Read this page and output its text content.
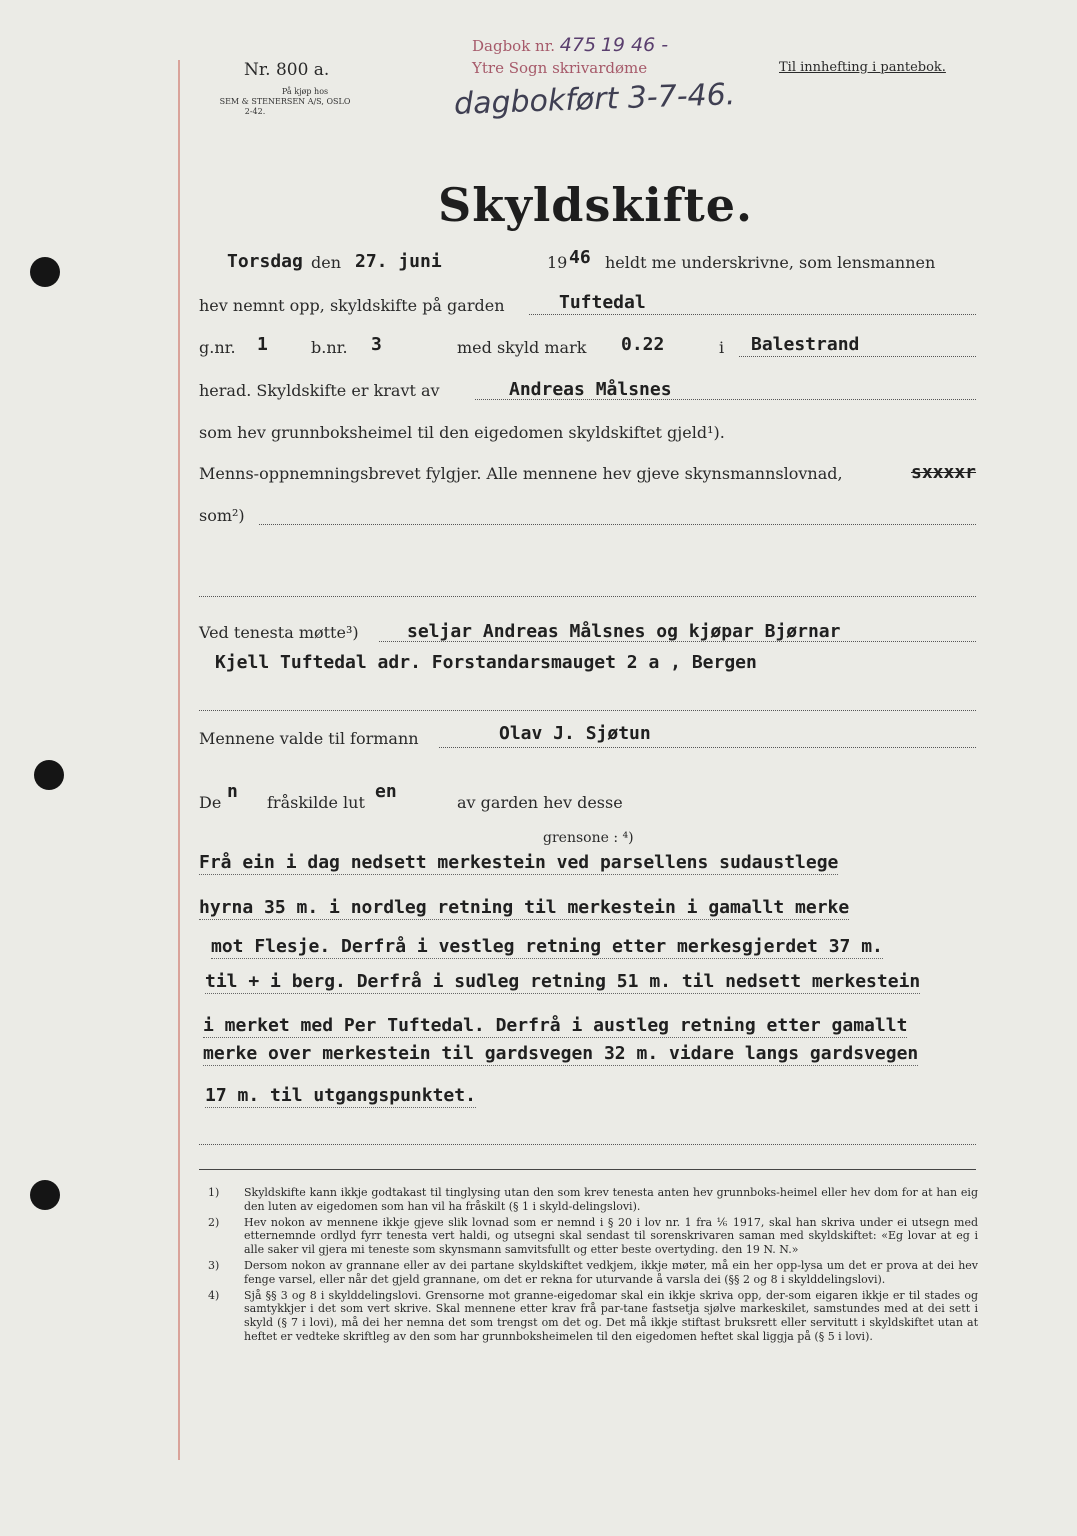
Nr. 800 a.
På kjøp hos
SEM & STENERSEN A/S, OSLO
2-42.
Dagbok nr. 475 19 46 -
Ytre Sogn skrivardøme
dagbokført 3-7-46.
Til innhefting i pantebok.
Skyldskifte.
Torsdag den 27. juni	19 46 heldt me underskrivne, som lensmannen
hev nemnt opp, skyldskifte på garden	Tuftedal
g.nr. 1	b.nr. 3	med skyld mark 0.22	i Balestrand
herad. Skyldskifte er kravt av	Andreas Målsnes
som hev grunnboksheimel til den eigedomen skyldskiftet gjeld¹).
Menns-oppnemningsbrevet fylgjer. Alle mennene hev gjeve skynsmannslovnad,	sxxxxr
som²)
Ved tenesta møtte³)	seljar Andreas Målsnes og kjøpar Bjørnar
Kjell Tuftedal adr. Forstandarsmauget 2 a , Bergen
Mennene valde til formann	Olav J. Sjøtun
De
n
fråskilde lut
en
av garden hev desse
grensone : ⁴)
Frå ein i dag nedsett merkestein ved parsellens sudaustlege
hyrna 35 m. i nordleg retning til merkestein i gamallt merke
mot Flesje. Derfrå i vestleg retning etter merkesgjerdet 37 m.
til + i berg. Derfrå i sudleg retning 51 m. til nedsett merkestein
i merket med Per Tuftedal. Derfrå i austleg retning etter gamallt
merke over merkestein til gardsvegen 32 m. vidare langs gardsvegen
17 m. til utgangspunktet.
1) Skyldskifte kann ikkje godtakast til tinglysing utan den som krev tenesta anten hev grunnboks-heimel eller hev dom for at han eig den luten av eigedomen som han vil ha fråskilt (§ 1 i skyld-delingslovi).
2) Hev nokon av mennene ikkje gjeve slik lovnad som er nemnd i § 20 i lov nr. 1 fra ⅙ 1917, skal han skriva under ei utsegn med etternemnde ordlyd fyrr tenesta vert haldi, og utsegni skal sendast til sorenskrivaren saman med skyldskiftet: «Eg lovar at eg i alle saker vil gjera mi teneste som skynsmann samvitsfullt og etter beste overtyding. den 19 N. N.»
3) Dersom nokon av grannane eller av dei partane skyldskiftet vedkjem, ikkje møter, må ein her opp-lysa um det er prova at dei hev fenge varsel, eller når det gjeld grannane, om det er rekna for uturvande å varsla dei (§§ 2 og 8 i skylddelingslovi).
4) Sjå §§ 3 og 8 i skylddelingslovi. Grensorne mot granne-eigedomar skal ein ikkje skriva opp, der-som eigaren ikkje er til stades og samtykkjer i det som vert skrive. Skal mennene etter krav frå par-tane fastsetja sjølve markeskilet, samstundes med at dei sett i skyld (§ 7 i lovi), må dei her nemna det som trengst om det og. Det må ikkje stiftast bruksrett eller servitutt i skyldskiftet utan at heftet er vedteke skriftleg av den som har grunnboksheimelen til den eigedomen heftet skal liggja på (§ 5 i lovi).
